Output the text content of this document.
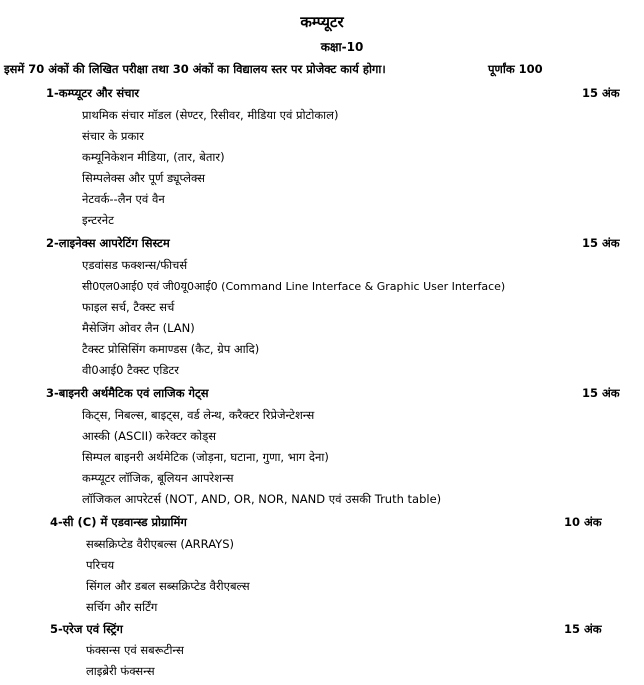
कम्प्यूटर
कक्षा-10
इसमें 70 अंकों की लिखित परीक्षा तथा 30 अंकों का विद्यालय स्तर पर प्रोजेक्ट कार्य होगा।	पूर्णांक 100
1-कम्प्यूटर और संचार	15 अंक
प्राथमिक संचार मॉडल (सेण्टर, रिसीवर, मीडिया एवं प्रोटोकाल)
संचार के प्रकार
कम्यूनिकेशन मीडिया, (तार, बेतार)
सिम्पलेक्स और पूर्ण ड्यूप्लेक्स
नेटवर्क--लैन एवं वैन
इन्टरनेट
2-लाइनेक्स आपरेटिंग सिस्टम	15 अंक
एडवांसड फक्शन्स/फीचर्स
सी0एल0आई0 एवं जी0यू0आई0 (Command Line Interface & Graphic User Interface)
फाइल सर्च, टैक्स्ट सर्च
मैसेजिंग ओवर लैन (LAN)
टैक्स्ट प्रोसिसिंग कमाण्डस (कैट, ग्रेप आदि)
वी0आई0 टैक्स्ट एडिटर
3-बाइनरी अर्थमैटिक एवं लाजिक गेट्स	15 अंक
किट्स, निबल्स, बाइट्स, वर्ड लेन्थ, करैक्टर रिप्रेजेन्टेशन्स
आस्की (ASCII) करेक्टर कोड्स
सिम्पल बाइनरी अर्थमेटिक (जोड़ना, घटाना, गुणा, भाग देना)
कम्प्यूटर लॉजिक, बूलियन आपरेशन्स
लॉजिकल आपरेटर्स (NOT, AND, OR, NOR, NAND एवं उसकी Truth table)
4-सी (C) में एडवान्स्ड प्रोग्रामिंग	10 अंक
सब्सक्रिप्टेड वैरीएबल्स (ARRAYS)
परिचय
सिंगल और डबल सब्सक्रिप्टेड वैरीएबल्स
सर्चिग और सर्टिंग
5-एरेज एवं स्ट्रिंग	15 अंक
फंक्सन्स एवं सबरूटीन्स
लाइब्रेरी फंक्सन्स
